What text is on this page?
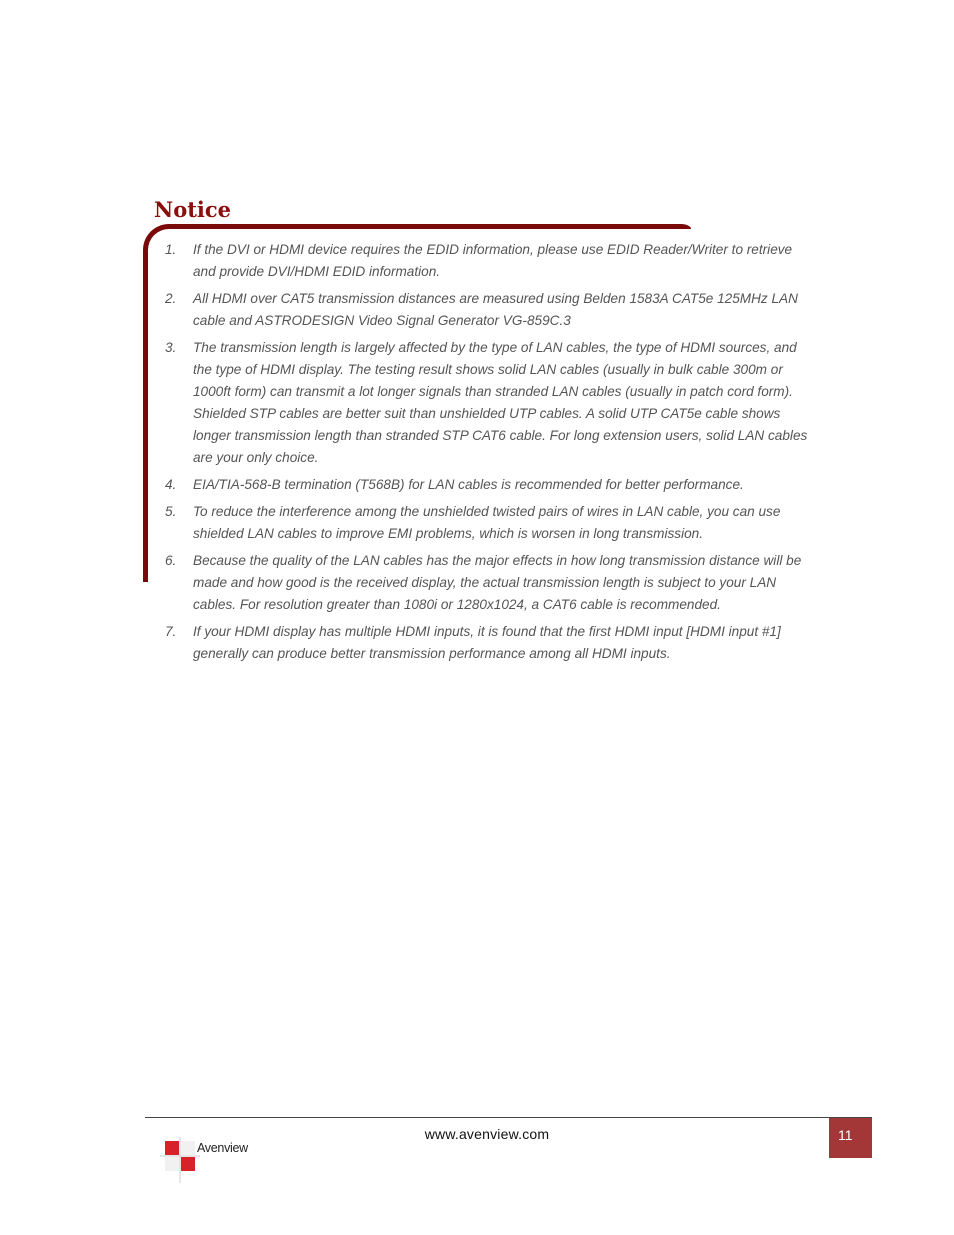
Notice
1.	If the DVI or HDMI device requires the EDID information, please use EDID Reader/Writer to retrieve and provide DVI/HDMI EDID information.
2.	All HDMI over CAT5 transmission distances are measured using Belden 1583A CAT5e 125MHz LAN cable and ASTRODESIGN Video Signal Generator VG-859C.3
3.	The transmission length is largely affected by the type of LAN cables, the type of HDMI sources, and the type of HDMI display. The testing result shows solid LAN cables (usually in bulk cable 300m or 1000ft form) can transmit a lot longer signals than stranded LAN cables (usually in patch cord form). Shielded STP cables are better suit than unshielded UTP cables. A solid UTP CAT5e cable shows longer transmission length than stranded STP CAT6 cable. For long extension users, solid LAN cables are your only choice.
4.	EIA/TIA-568-B termination (T568B) for LAN cables is recommended for better performance.
5.	To reduce the interference among the unshielded twisted pairs of wires in LAN cable, you can use shielded LAN cables to improve EMI problems, which is worsen in long transmission.
6.	Because the quality of the LAN cables has the major effects in how long transmission distance will be made and how good is the received display, the actual transmission length is subject to your LAN cables. For resolution greater than 1080i or 1280x1024, a CAT6 cable is recommended.
7.	If your HDMI display has multiple HDMI inputs, it is found that the first HDMI input [HDMI input #1] generally can produce better transmission performance among all HDMI inputs.
www.avenview.com	11
Avenview
